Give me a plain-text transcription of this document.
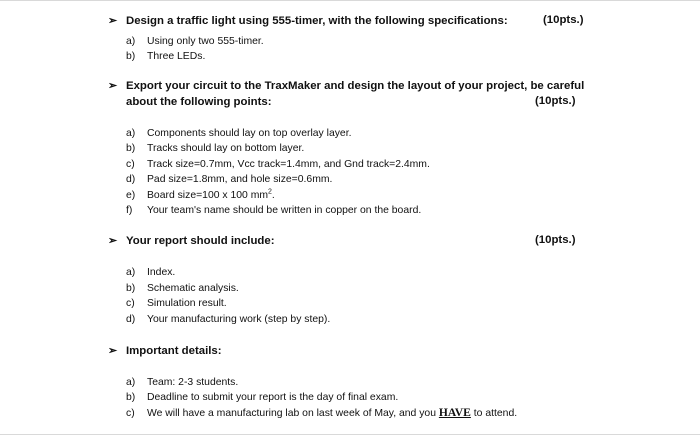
➢ Design a traffic light using 555-timer, with the following specifications:	(10pts.)
a) Using only two 555-timer.
b) Three LEDs.
➢ Export your circuit to the TraxMaker and design the layout of your project, be careful
about the following points:	(10pts.)
a) Components should lay on top overlay layer.
b) Tracks should lay on bottom layer.
c) Track size=0.7mm, Vcc track=1.4mm, and Gnd track=2.4mm.
d) Pad size=1.8mm, and hole size=0.6mm.
e) Board size=100 x 100 $mm^2$.
f) Your team's name should be written in copper on the board.
➢ Your report should include:	(10pts.)
a) Index.
b) Schematic analysis.
c) Simulation result.
d) Your manufacturing work (step by step).
➢ Important details:
a) Team: 2-3 students.
b) Deadline to submit your report is the day of final exam.
c) We will have a manufacturing lab on last week of May, and you HAVE to attend.
